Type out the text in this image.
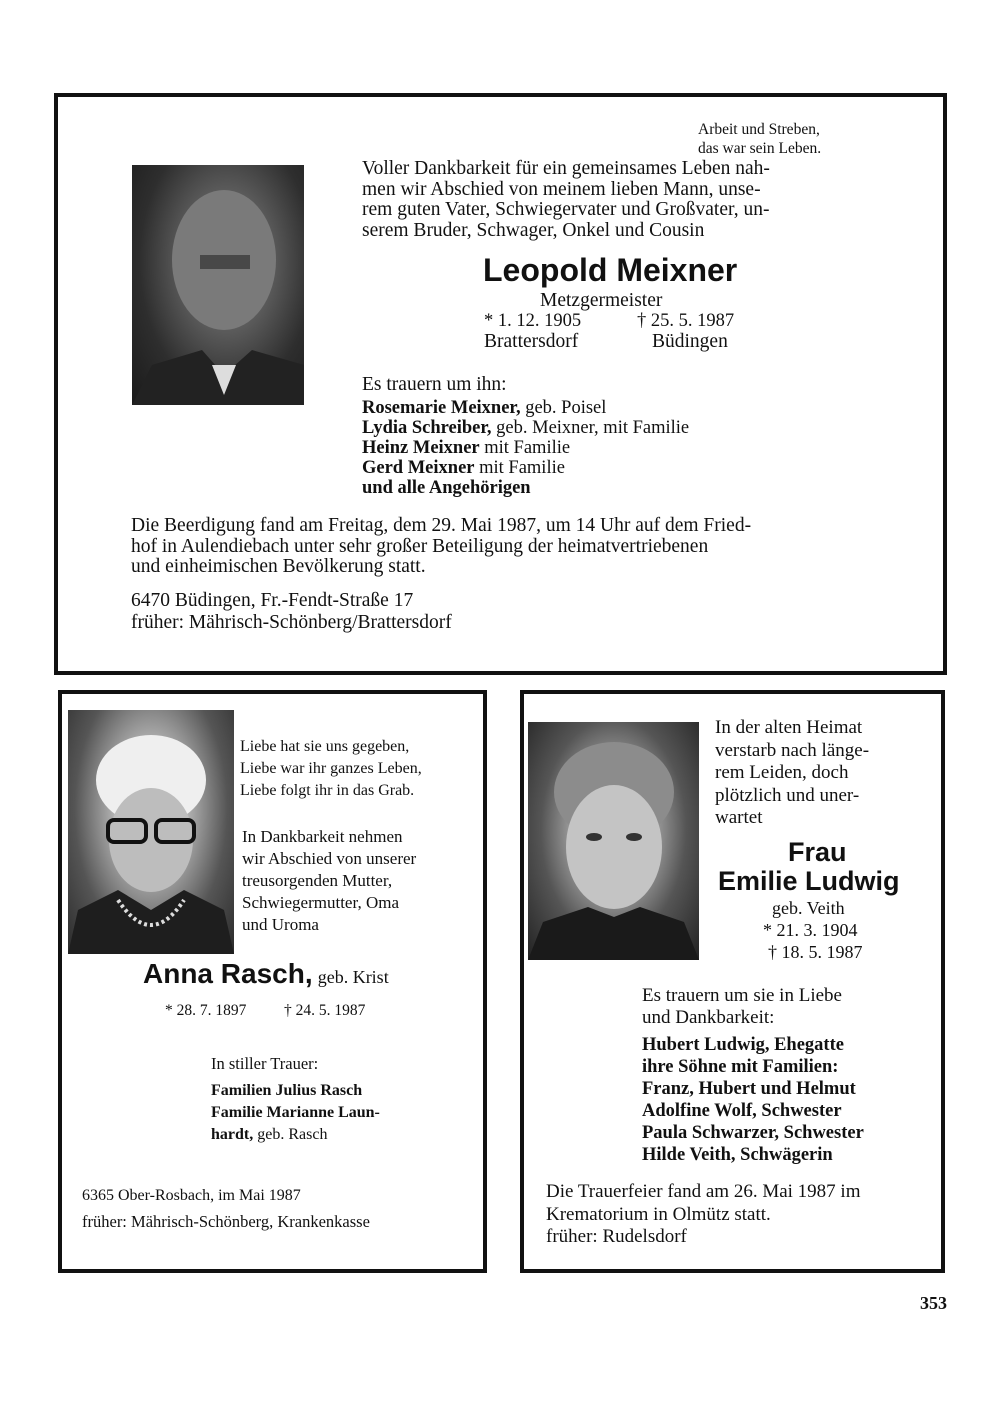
Arbeit und Streben,
das war sein Leben.
Voller Dankbarkeit für ein gemeinsames Leben nah-
men wir Abschied von meinem lieben Mann, unse-
rem guten Vater, Schwiegervater und Großvater, un-
serem Bruder, Schwager, Onkel und Cousin
Leopold Meixner
Metzgermeister
* 1. 12. 1905	† 25. 5. 1987
Brattersdorf	Büdingen
Es trauern um ihn:
Rosemarie Meixner, geb. Poisel
Lydia Schreiber, geb. Meixner, mit Familie
Heinz Meixner mit Familie
Gerd Meixner mit Familie
und alle Angehörigen
Die Beerdigung fand am Freitag, dem 29. Mai 1987, um 14 Uhr auf dem Fried-
hof in Aulendiebach unter sehr großer Beteiligung der heimatvertriebenen
und einheimischen Bevölkerung statt.
6470 Büdingen, Fr.-Fendt-Straße 17
früher: Mährisch-Schönberg/Brattersdorf
Liebe hat sie uns gegeben,
Liebe war ihr ganzes Leben,
Liebe folgt ihr in das Grab.
In Dankbarkeit nehmen
wir Abschied von unserer
treusorgenden Mutter,
Schwiegermutter, Oma
und Uroma
Anna Rasch, geb. Krist
* 28. 7. 1897 † 24. 5. 1987
In stiller Trauer:
Familien Julius Rasch
Familie Marianne Laun-
hardt, geb. Rasch
6365 Ober-Rosbach, im Mai 1987
früher: Mährisch-Schönberg, Krankenkasse
In der alten Heimat
verstarb nach länge-
rem Leiden, doch
plötzlich und uner-
wartet
Frau
Emilie Ludwig
geb. Veith
* 21. 3. 1904
† 18. 5. 1987
Es trauern um sie in Liebe
und Dankbarkeit:
Hubert Ludwig, Ehegatte
ihre Söhne mit Familien:
Franz, Hubert und Helmut
Adolfine Wolf, Schwester
Paula Schwarzer, Schwester
Hilde Veith, Schwägerin
Die Trauerfeier fand am 26. Mai 1987 im
Krematorium in Olmütz statt.
früher: Rudelsdorf
353
